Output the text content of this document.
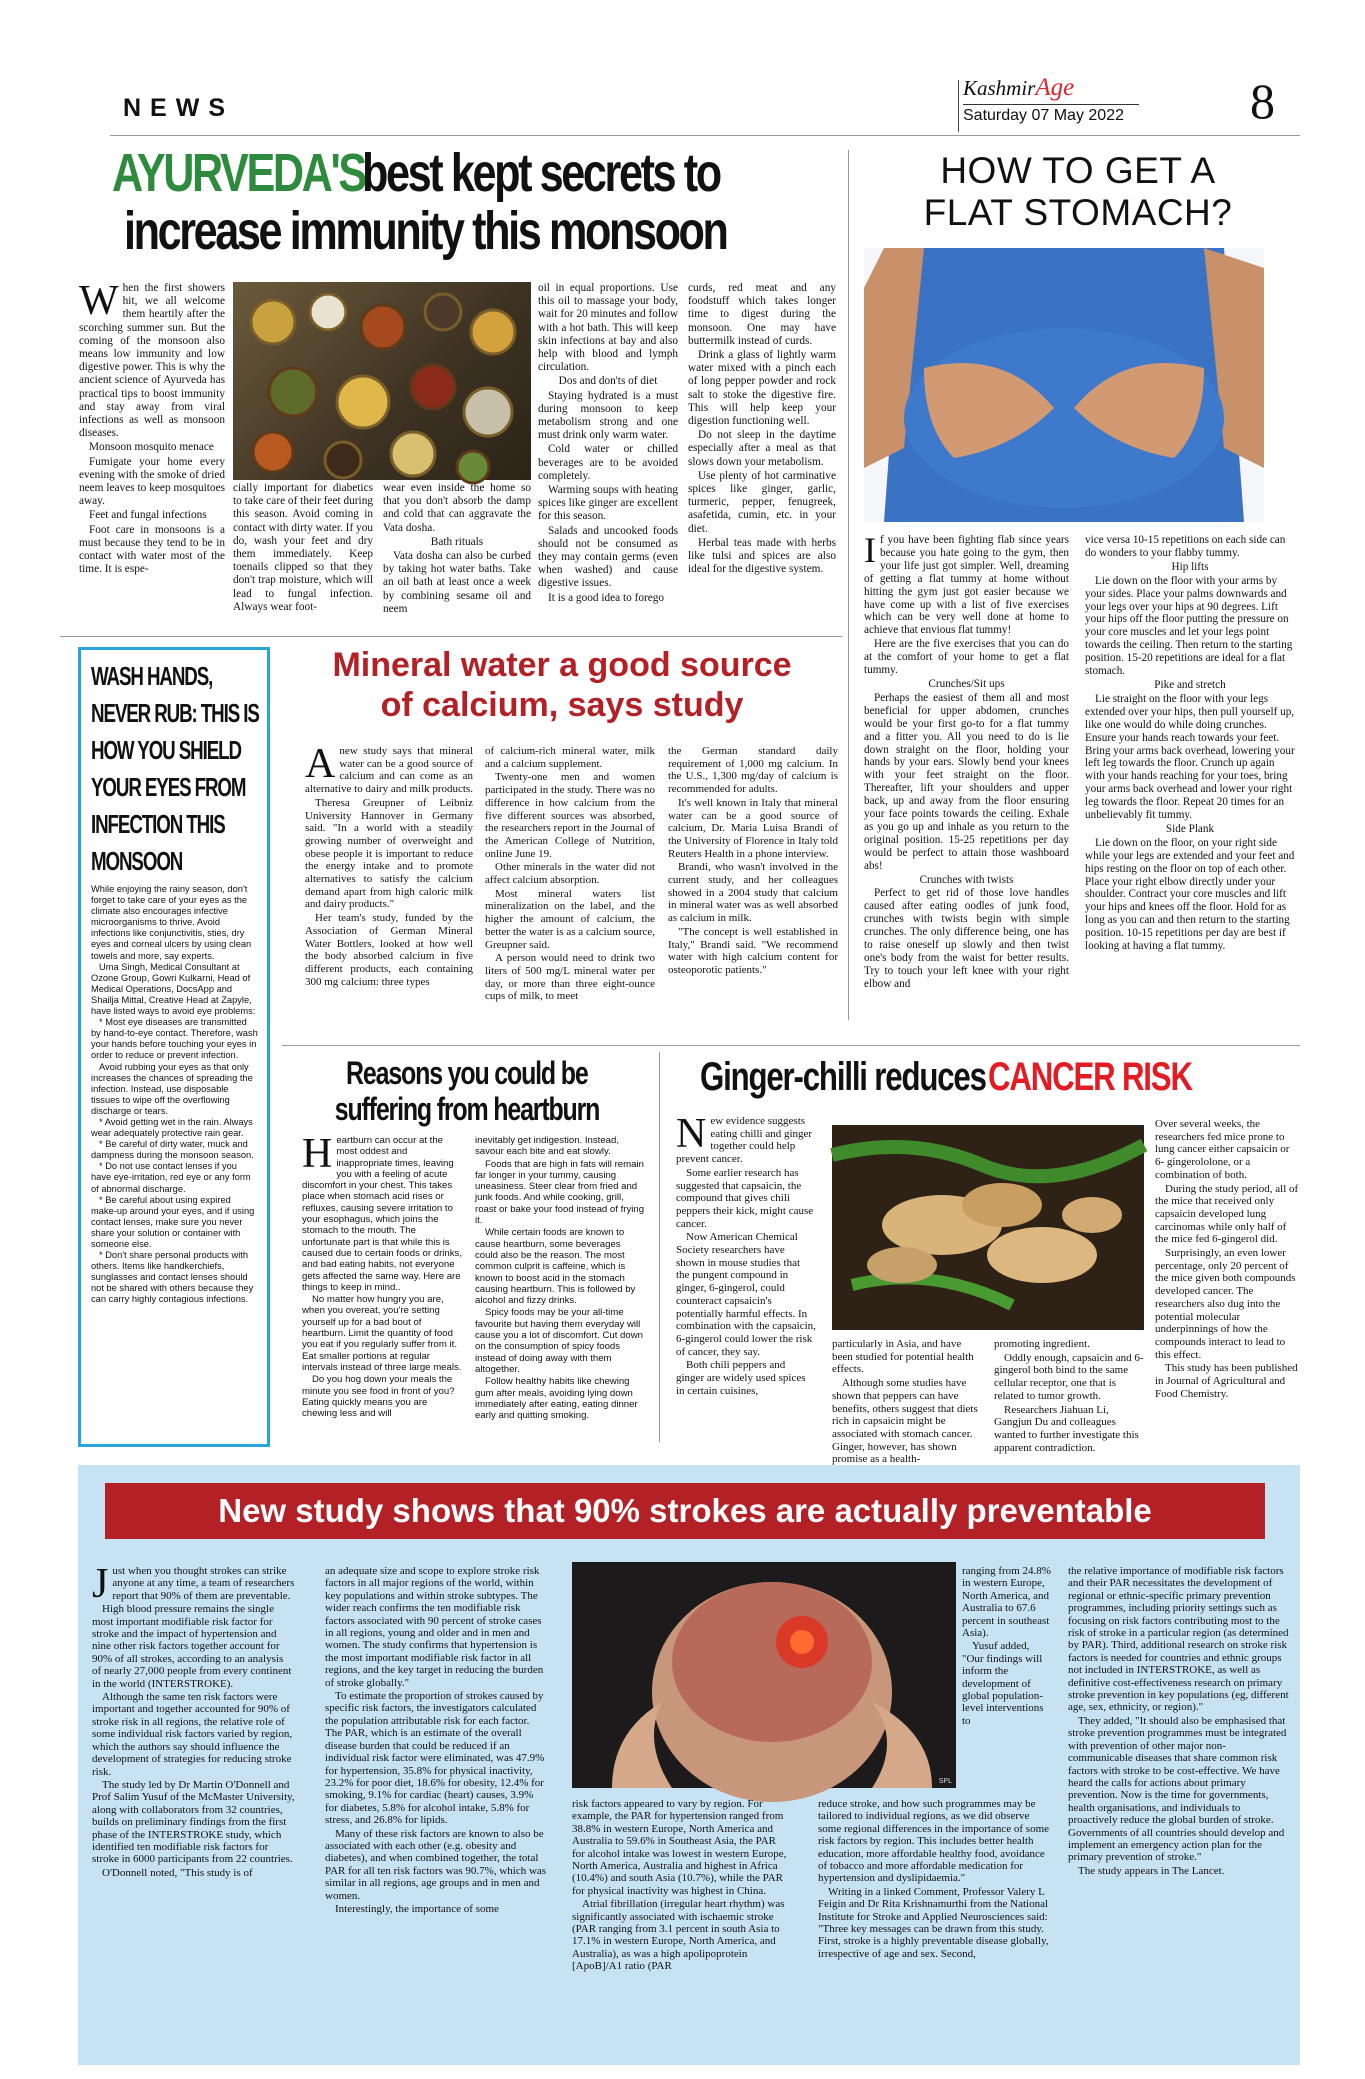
NEWS
KashmirAge
Saturday 07 May 2022	8
AYURVEDA'S best kept secrets to
increase immunity this monsoon

When the first showers hit, we all welcome them heartily after the scorching summer sun. But the coming of the monsoon also means low immunity and low digestive power. This is why the ancient science of Ayurveda has practical tips to boost immunity and stay away from viral infections as well as monsoon diseases.

Monsoon mosquito menace

Fumigate your home every evening with the smoke of dried neem leaves to keep mosquitoes away.

Feet and fungal infections

Foot care in monsoons is a must because they tend to be in contact with water most of the time. It is espe-

cially important for diabetics to take care of their feet during this season. Avoid coming in contact with dirty water. If you do, wash your feet and dry them immediately. Keep toenails clipped so that they don't trap moisture, which will lead to fungal infection. Always wear foot-

wear even inside the home so that you don't absorb the damp and cold that can aggravate the Vata dosha.

Bath rituals

Vata dosha can also be curbed by taking hot water baths. Take an oil bath at least once a week by combining sesame oil and neem

oil in equal proportions. Use this oil to massage your body, wait for 20 minutes and follow with a hot bath. This will keep skin infections at bay and also help with blood and lymph circulation.

Dos and don'ts of diet

Staying hydrated is a must during monsoon to keep metabolism strong and one must drink only warm water.

Cold water or chilled beverages are to be avoided completely.

Warming soups with heating spices like ginger are excellent for this season.

Salads and uncooked foods should not be consumed as they may contain germs (even when washed) and cause digestive issues.

It is a good idea to forego

curds, red meat and any foodstuff which takes longer time to digest during the monsoon. One may have buttermilk instead of curds.

Drink a glass of lightly warm water mixed with a pinch each of long pepper powder and rock salt to stoke the digestive fire. This will help keep your digestion functioning well.

Do not sleep in the daytime especially after a meal as that slows down your metabolism.

Use plenty of hot carminative spices like ginger, garlic, turmeric, pepper, fenugreek, asafetida, cumin, etc. in your diet.

Herbal teas made with herbs like tulsi and spices are also ideal for the digestive system.

HOW TO GET A
FLAT STOMACH?

If you have been fighting flab since years because you hate going to the gym, then your life just got simpler. Well, dreaming of getting a flat tummy at home without hitting the gym just got easier because we have come up with a list of five exercises which can be very well done at home to achieve that envious flat tummy!

Here are the five exercises that you can do at the comfort of your home to get a flat tummy.

Crunches/Sit ups

Perhaps the easiest of them all and most beneficial for upper abdomen, crunches would be your first go-to for a flat tummy and a fitter you. All you need to do is lie down straight on the floor, holding your hands by your ears. Slowly bend your knees with your feet straight on the floor. Thereafter, lift your shoulders and upper back, up and away from the floor ensuring your face points towards the ceiling. Exhale as you go up and inhale as you return to the original position. 15-25 repetitions per day would be perfect to attain those washboard abs!

Crunches with twists

Perfect to get rid of those love handles caused after eating oodles of junk food, crunches with twists begin with simple crunches. The only difference being, one has to raise oneself up slowly and then twist one's body from the waist for better results. Try to touch your left knee with your right elbow and

vice versa 10-15 repetitions on each side can do wonders to your flabby tummy.

Hip lifts

Lie down on the floor with your arms by your sides. Place your palms downwards and your legs over your hips at 90 degrees. Lift your hips off the floor putting the pressure on your core muscles and let your legs point towards the ceiling. Then return to the starting position. 15-20 repetitions are ideal for a flat stomach.

Pike and stretch

Lie straight on the floor with your legs extended over your hips, then pull yourself up, like one would do while doing crunches. Ensure your hands reach towards your feet. Bring your arms back overhead, lowering your left leg towards the floor. Crunch up again with your hands reaching for your toes, bring your arms back overhead and lower your right leg towards the floor. Repeat 20 times for an unbelievably fit tummy.

Side Plank

Lie down on the floor, on your right side while your legs are extended and your feet and hips resting on the floor on top of each other. Place your right elbow directly under your shoulder. Contract your core muscles and lift your hips and knees off the floor. Hold for as long as you can and then return to the starting position. 10-15 repetitions per day are best if looking at having a flat tummy.

WASH HANDS,
NEVER RUB: THIS IS
HOW YOU SHIELD
YOUR EYES FROM
INFECTION THIS
MONSOON

While enjoying the rainy season, don't forget to take care of your eyes as the climate also encourages infective microorganisms to thrive. Avoid infections like conjunctivitis, sties, dry eyes and corneal ulcers by using clean towels and more, say experts.

Uma Singh, Medical Consultant at Ozone Group, Gowri Kulkarni, Head of Medical Operations, DocsApp and Shailja Mittal, Creative Head at Zapyle, have listed ways to avoid eye problems:

* Most eye diseases are transmitted by hand-to-eye contact. Therefore, wash your hands before touching your eyes in order to reduce or prevent infection.

Avoid rubbing your eyes as that only increases the chances of spreading the infection. Instead, use disposable tissues to wipe off the overflowing discharge or tears.

* Avoid getting wet in the rain. Always wear adequately protective rain gear.

* Be careful of dirty water, muck and dampness during the monsoon season.

* Do not use contact lenses if you have eye-irritation, red eye or any form of abnormal discharge.

* Be careful about using expired make-up around your eyes, and if using contact lenses, make sure you never share your solution or container with someone else.

* Don't share personal products with others. Items like handkerchiefs, sunglasses and contact lenses should not be shared with others because they can carry highly contagious infections.

Mineral water a good source
of calcium, says study

A new study says that mineral water can be a good source of calcium and can come as an alternative to dairy and milk products.

Theresa Greupner of Leibniz University Hannover in Germany said. "In a world with a steadily growing number of overweight and obese people it is important to reduce the energy intake and to promote alternatives to satisfy the calcium demand apart from high caloric milk and dairy products."

Her team's study, funded by the Association of German Mineral Water Bottlers, looked at how well the body absorbed calcium in five different products, each containing 300 mg calcium: three types

of calcium-rich mineral water, milk and a calcium supplement.

Twenty-one men and women participated in the study. There was no difference in how calcium from the five different sources was absorbed, the researchers report in the Journal of the American College of Nutrition, online June 19.

Other minerals in the water did not affect calcium absorption.

Most mineral waters list mineralization on the label, and the higher the amount of calcium, the better the water is as a calcium source, Greupner said.

A person would need to drink two liters of 500 mg/L mineral water per day, or more than three eight-ounce cups of milk, to meet

the German standard daily requirement of 1,000 mg calcium. In the U.S., 1,300 mg/day of calcium is recommended for adults.

It's well known in Italy that mineral water can be a good source of calcium, Dr. Maria Luisa Brandi of the University of Florence in Italy told Reuters Health in a phone interview.

Brandi, who wasn't involved in the current study, and her colleagues showed in a 2004 study that calcium in mineral water was as well absorbed as calcium in milk.

"The concept is well established in Italy," Brandi said. "We recommend water with high calcium content for osteoporotic patients."

Reasons you could be
suffering from heartburn

Heartburn can occur at the most oddest and inappropriate times, leaving you with a feeling of acute discomfort in your chest. This takes place when stomach acid rises or refluxes, causing severe irritation to your esophagus, which joins the stomach to the mouth. The unfortunate part is that while this is caused due to certain foods or drinks, and bad eating habits, not everyone gets affected the same way. Here are things to keep in mind..

No matter how hungry you are, when you overeat, you're setting yourself up for a bad bout of heartburn. Limit the quantity of food you eat if you regularly suffer from it. Eat smaller portions at regular intervals instead of three large meals.

Do you hog down your meals the minute you see food in front of you? Eating quickly means you are chewing less and will

inevitably get indigestion. Instead, savour each bite and eat slowly.

Foods that are high in fats will remain far longer in your tummy, causing uneasiness. Steer clear from fried and junk foods. And while cooking, grill, roast or bake your food instead of frying it.

While certain foods are known to cause heartburn, some beverages could also be the reason. The most common culprit is caffeine, which is known to boost acid in the stomach causing heartburn. This is followed by alcohol and fizzy drinks.

Spicy foods may be your all-time favourite but having them everyday will cause you a lot of discomfort. Cut down on the consumption of spicy foods instead of doing away with them altogether.

Follow healthy habits like chewing gum after meals, avoiding lying down immediately after eating, eating dinner early and quitting smoking.

Ginger-chilli reducesCANCER RISK

New evidence suggests eating chilli and ginger together could help prevent cancer.

Some earlier research has suggested that capsaicin, the compound that gives chili peppers their kick, might cause cancer.

Now American Chemical Society researchers have shown in mouse studies that the pungent compound in ginger, 6-gingerol, could counteract capsaicin's potentially harmful effects. In combination with the capsaicin, 6-gingerol could lower the risk of cancer, they say.

Both chili peppers and ginger are widely used spices in certain cuisines,

particularly in Asia, and have been studied for potential health effects.

Although some studies have shown that peppers can have benefits, others suggest that diets rich in capsaicin might be associated with stomach cancer. Ginger, however, has shown promise as a health-

promoting ingredient.

Oddly enough, capsaicin and 6-gingerol both bind to the same cellular receptor, one that is related to tumor growth.

Researchers Jiahuan Li, Gangjun Du and colleagues wanted to further investigate this apparent contradiction.

Over several weeks, the researchers fed mice prone to lung cancer either capsaicin or 6- gingerololone, or a combination of both.

During the study period, all of the mice that received only capsaicin developed lung carcinomas while only half of the mice fed 6-gingerol did.

Surprisingly, an even lower percentage, only 20 percent of the mice given both compounds developed cancer. The researchers also dug into the potential molecular underpinnings of how the compounds interact to lead to this effect.

This study has been published in Journal of Agricultural and Food Chemistry.

New study shows that 90% strokes are actually preventable

Just when you thought strokes can strike anyone at any time, a team of researchers report that 90% of them are preventable.

High blood pressure remains the single most important modifiable risk factor for stroke and the impact of hypertension and nine other risk factors together account for 90% of all strokes, according to an analysis of nearly 27,000 people from every continent in the world (INTERSTROKE).

Although the same ten risk factors were important and together accounted for 90% of stroke risk in all regions, the relative role of some individual risk factors varied by region, which the authors say should influence the development of strategies for reducing stroke risk.

The study led by Dr Martin O'Donnell and Prof Salim Yusuf of the McMaster University, along with collaborators from 32 countries, builds on preliminary findings from the first phase of the INTERSTROKE study, which identified ten modifiable risk factors for stroke in 6000 participants from 22 countries.

O'Donnell noted, "This study is of

an adequate size and scope to explore stroke risk factors in all major regions of the world, within key populations and within stroke subtypes. The wider reach confirms the ten modifiable risk factors associated with 90 percent of stroke cases in all regions, young and older and in men and women. The study confirms that hypertension is the most important modifiable risk factor in all regions, and the key target in reducing the burden of stroke globally."

To estimate the proportion of strokes caused by specific risk factors, the investigators calculated the population attributable risk for each factor. The PAR, which is an estimate of the overall disease burden that could be reduced if an individual risk factor were eliminated, was 47.9% for hypertension, 35.8% for physical inactivity, 23.2% for poor diet, 18.6% for obesity, 12.4% for smoking, 9.1% for cardiac (heart) causes, 3.9% for diabetes, 5.8% for alcohol intake, 5.8% for stress, and 26.8% for lipids.

Many of these risk factors are known to also be associated with each other (e.g. obesity and diabetes), and when combined together, the total PAR for all ten risk factors was 90.7%, which was similar in all regions, age groups and in men and women.

Interestingly, the importance of some

SPL

risk factors appeared to vary by region. For example, the PAR for hypertension ranged from 38.8% in western Europe, North America and Australia to 59.6% in Southeast Asia, the PAR for alcohol intake was lowest in western Europe, North America, Australia and highest in Africa (10.4%) and south Asia (10.7%), while the PAR for physical inactivity was highest in China.

Atrial fibrillation (irregular heart rhythm) was significantly associated with ischaemic stroke (PAR ranging from 3.1 percent in south Asia to 17.1% in western Europe, North America, and Australia), as was a high apolipoprotein [ApoB]/A1 ratio (PAR

ranging from 24.8% in western Europe, North America, and Australia to 67.6 percent in southeast Asia).

Yusuf added, "Our findings will inform the development of global population-level interventions to

reduce stroke, and how such programmes may be tailored to individual regions, as we did observe some regional differences in the importance of some risk factors by region. This includes better health education, more affordable healthy food, avoidance of tobacco and more affordable medication for hypertension and dyslipidaemia."

Writing in a linked Comment, Professor Valery L Feigin and Dr Rita Krishnamurthi from the National Institute for Stroke and Applied Neurosciences said: "Three key messages can be drawn from this study. First, stroke is a highly preventable disease globally, irrespective of age and sex. Second,

the relative importance of modifiable risk factors and their PAR necessitates the development of regional or ethnic-specific primary prevention programmes, including priority settings such as focusing on risk factors contributing most to the risk of stroke in a particular region (as determined by PAR). Third, additional research on stroke risk factors is needed for countries and ethnic groups not included in INTERSTROKE, as well as definitive cost-effectiveness research on primary stroke prevention in key populations (eg, different age, sex, ethnicity, or region)."

They added, "It should also be emphasised that stroke prevention programmes must be integrated with prevention of other major non-communicable diseases that share common risk factors with stroke to be cost-effective. We have heard the calls for actions about primary prevention. Now is the time for governments, health organisations, and individuals to proactively reduce the global burden of stroke. Governments of all countries should develop and implement an emergency action plan for the primary prevention of stroke."

The study appears in The Lancet.
